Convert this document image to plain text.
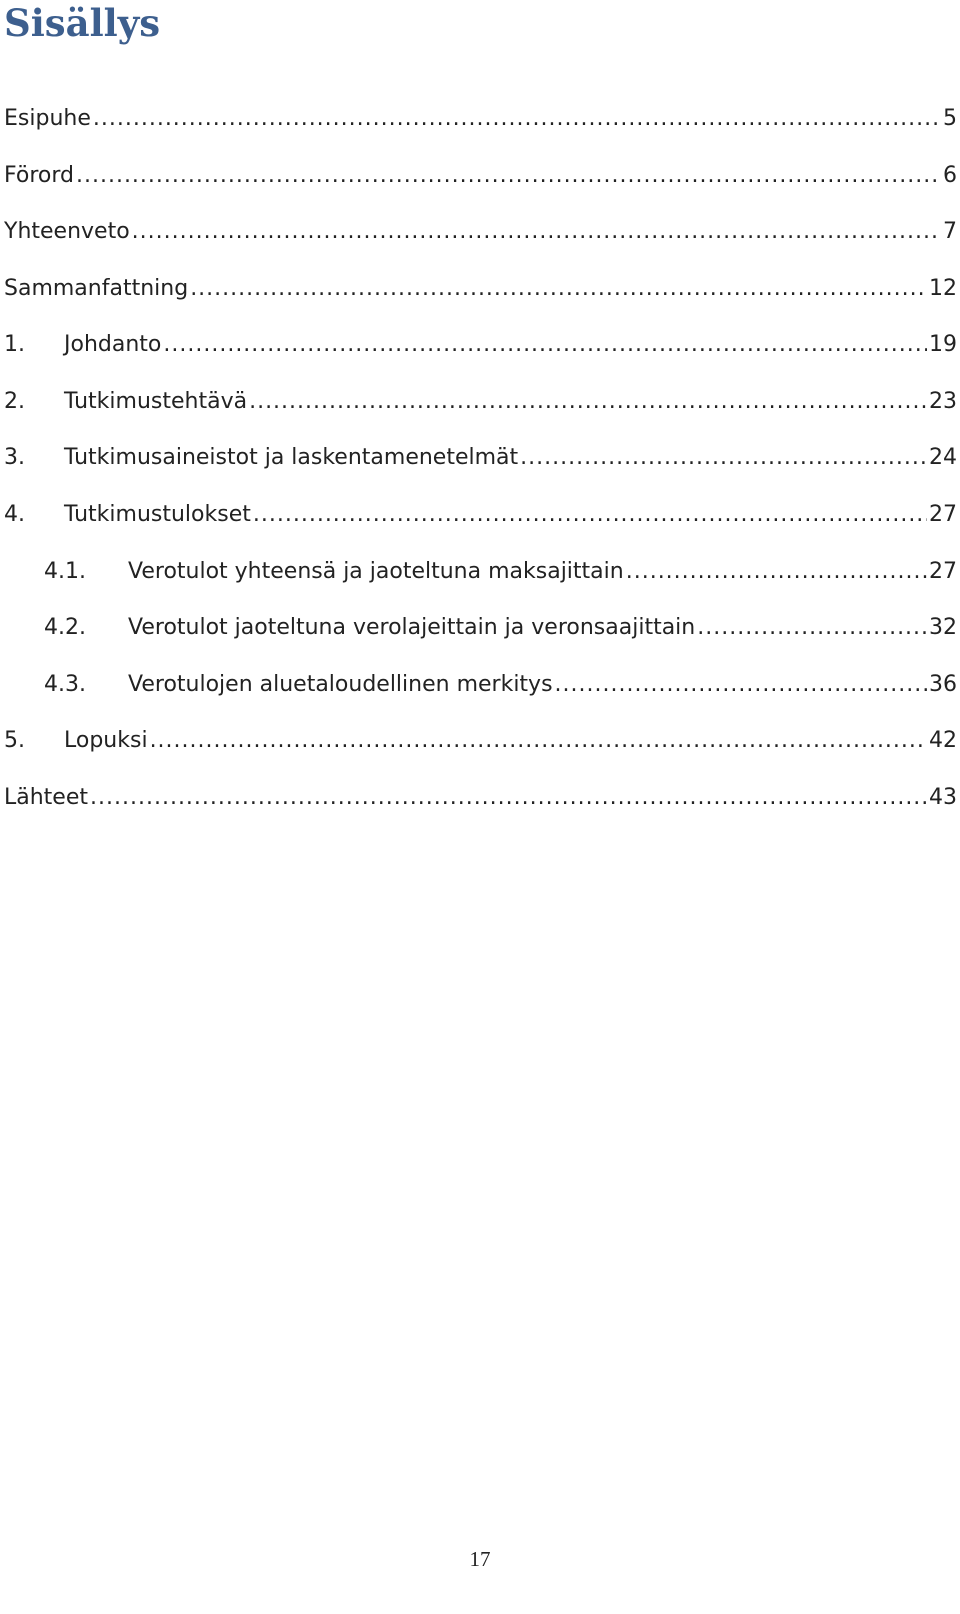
Sisällys
Esipuhe .....	5
Förord .....	6
Yhteenveto .....	7
Sammanfattning .....	12
1.	Johdanto .....	19
2.	Tutkimustehtävä .....	23
3.	Tutkimusaineistot ja laskentamenetelmät .....	24
4.	Tutkimustulokset .....	27
4.1.	Verotulot yhteensä ja jaoteltuna maksajittain .....	27
4.2.	Verotulot jaoteltuna verolajeittain ja veronsaajittain .....	32
4.3.	Verotulojen aluetaloudellinen merkitys .....	36
5.	Lopuksi .....	42
Lähteet .....	43
17
